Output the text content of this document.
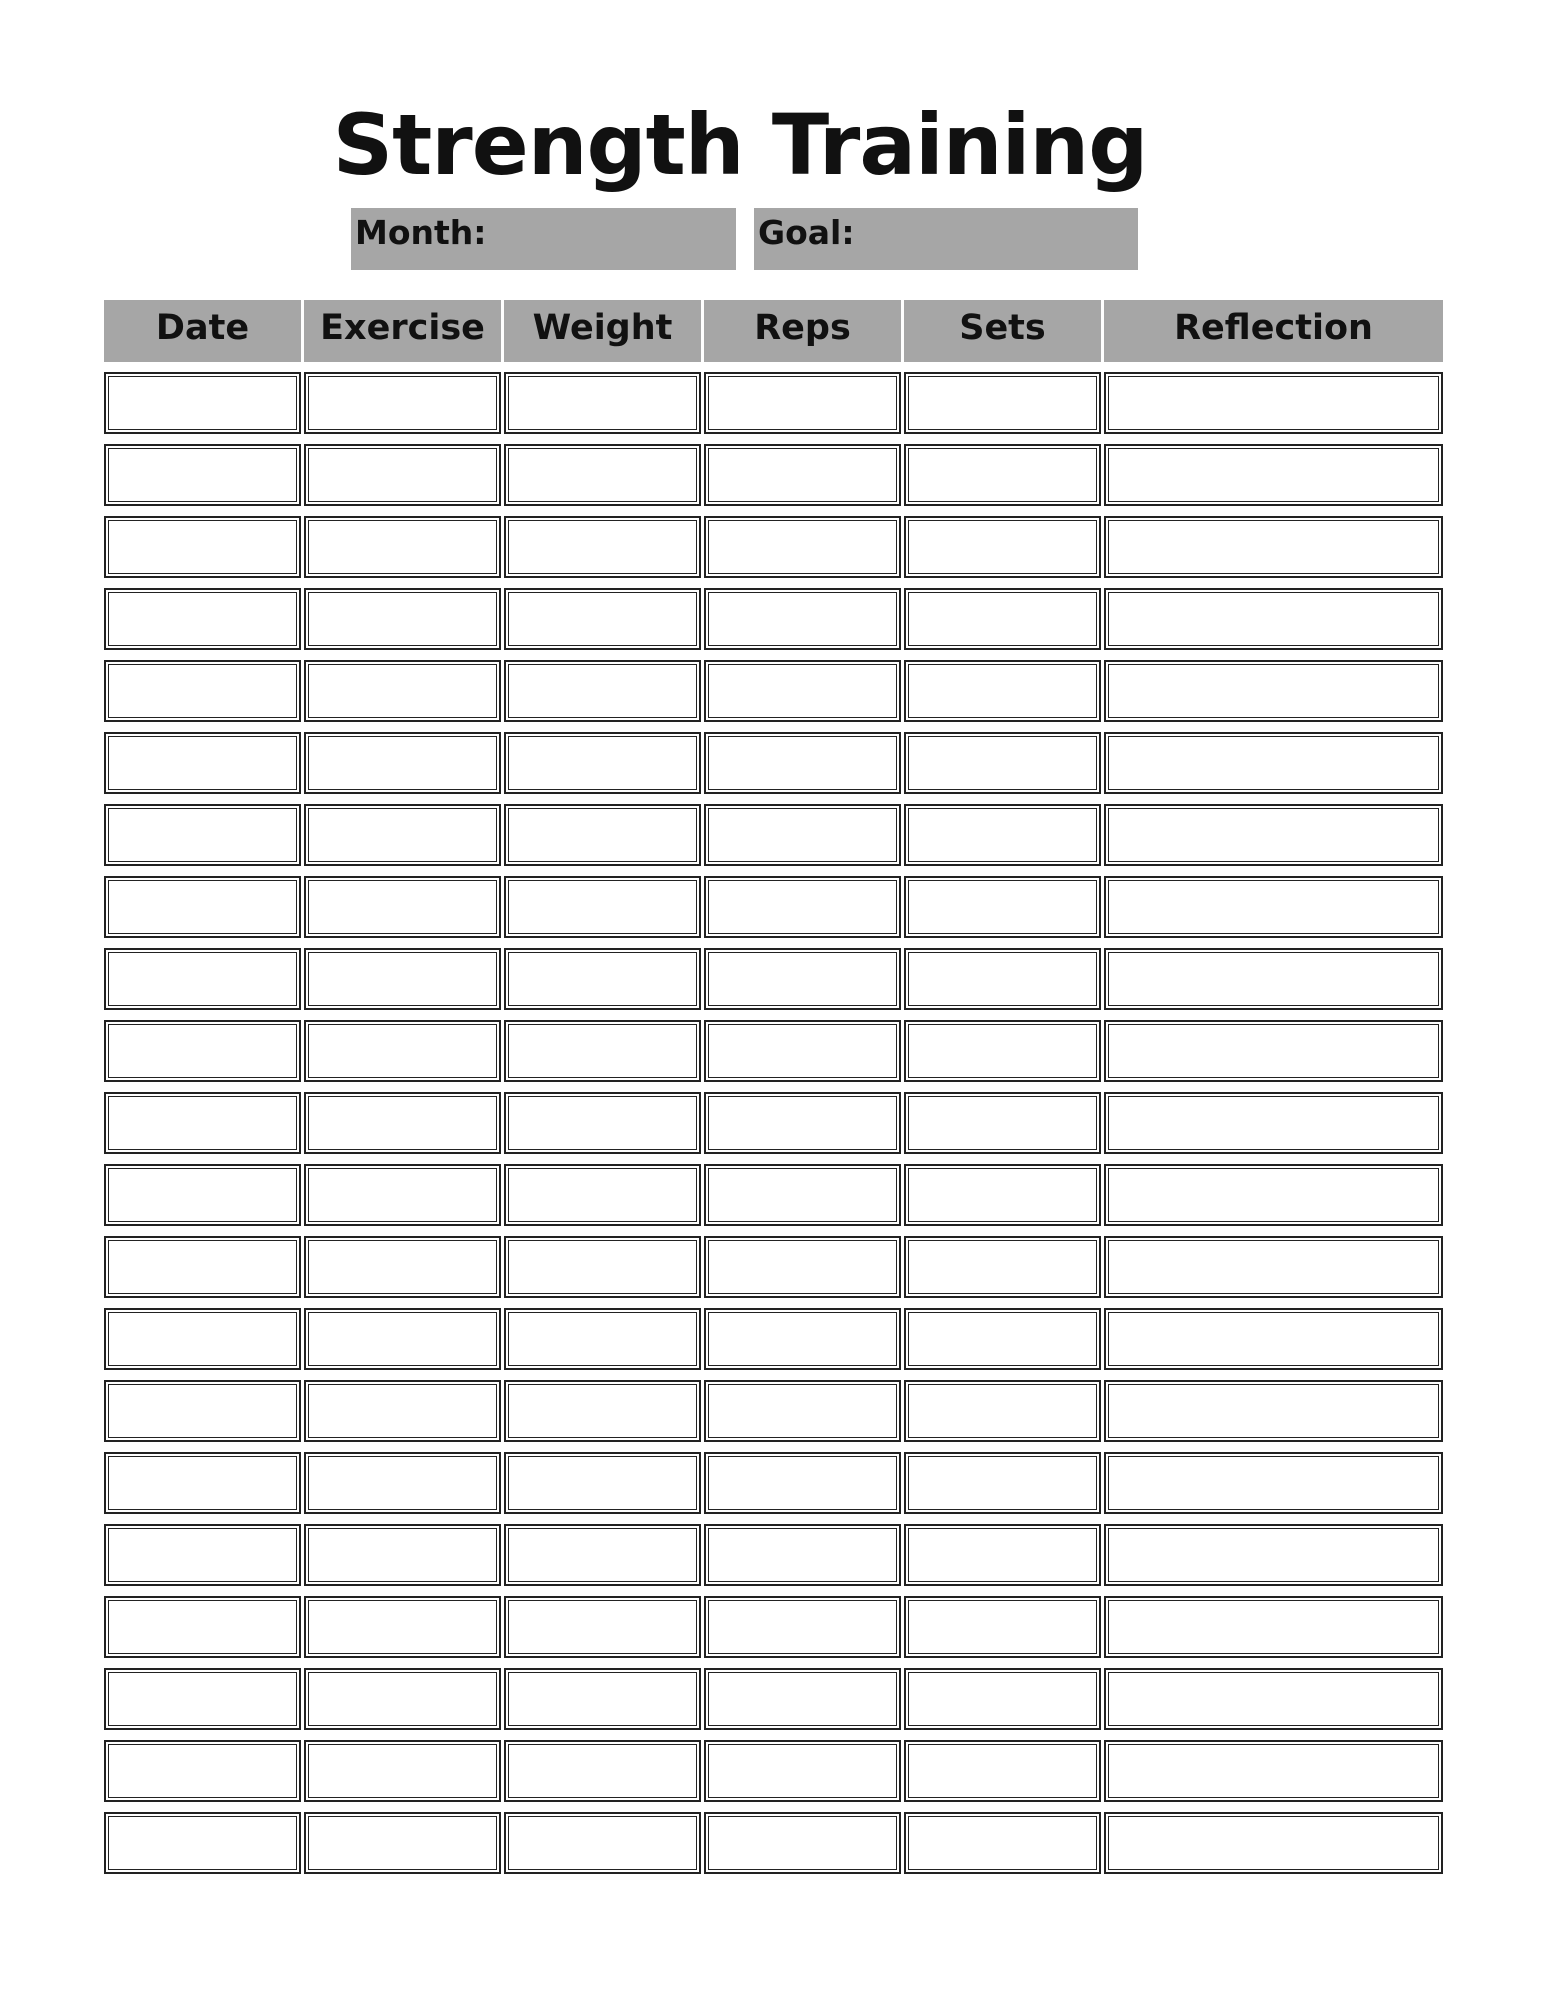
Strength Training
Month:	Goal:
Date	Exercise	Weight	Reps	Sets	Reflection
